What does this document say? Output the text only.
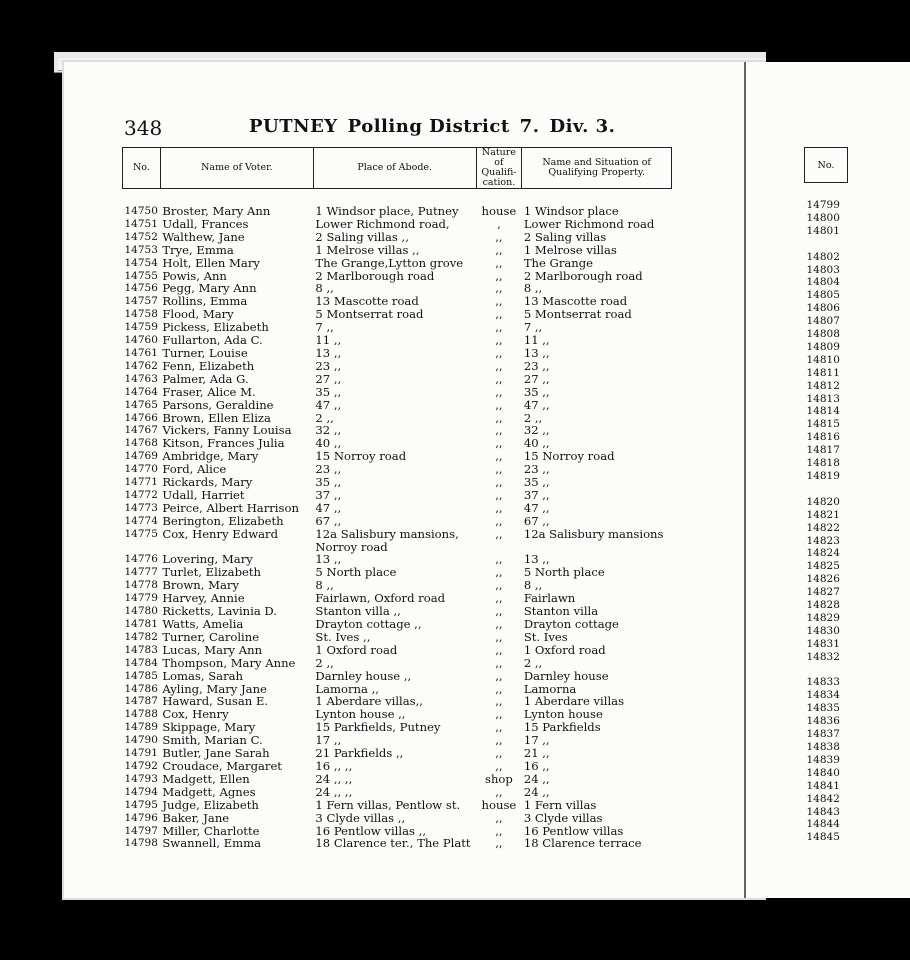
348	PUTNEY Polling District 7. Div. 3.
No.	Name of Voter.	Place of Abode.	Nature of Qualifi-cation.	Name and Situation of Qualifying Property.

14750	Broster, Mary Ann	1 Windsor place, Putney	house	1 Windsor place
14751	Udall, Frances	Lower Richmond road,	,	Lower Richmond road
14752	Walthew, Jane	2 Saling villas ,,	,,	2 Saling villas
14753	Trye, Emma	1 Melrose villas ,,	,,	1 Melrose villas
14754	Holt, Ellen Mary	The Grange,Lytton grove	,,	The Grange
14755	Powis, Ann	2 Marlborough road	,,	2 Marlborough road
14756	Pegg, Mary Ann	8 ,,	,,	8 ,,
14757	Rollins, Emma	13 Mascotte road	,,	13 Mascotte road
14758	Flood, Mary	5 Montserrat road	,,	5 Montserrat road
14759	Pickess, Elizabeth	7 ,,	,,	7 ,,
14760	Fullarton, Ada C.	11 ,,	,,	11 ,,
14761	Turner, Louise	13 ,,	,,	13 ,,
14762	Fenn, Elizabeth	23 ,,	,,	23 ,,
14763	Palmer, Ada G.	27 ,,	,,	27 ,,
14764	Fraser, Alice M.	35 ,,	,,	35 ,,
14765	Parsons, Geraldine	47 ,,	,,	47 ,,
14766	Brown, Ellen Eliza	2 ,,	,,	2 ,,
14767	Vickers, Fanny Louisa	32 ,,	,,	32 ,,
14768	Kitson, Frances Julia	40 ,,	,,	40 ,,
14769	Ambridge, Mary	15 Norroy road	,,	15 Norroy road
14770	Ford, Alice	23 ,,	,,	23 ,,
14771	Rickards, Mary	35 ,,	,,	35 ,,
14772	Udall, Harriet	37 ,,	,,	37 ,,
14773	Peirce, Albert Harrison	47 ,,	,,	47 ,,
14774	Berington, Elizabeth	67 ,,	,,	67 ,,
14775	Cox, Henry Edward	12a Salisbury mansions,	,,	12a Salisbury mansions
		Norroy road		
14776	Lovering, Mary	13 ,,	,,	13 ,,
14777	Turlet, Elizabeth	5 North place	,,	5 North place
14778	Brown, Mary	8 ,,	,,	8 ,,
14779	Harvey, Annie	Fairlawn, Oxford road	,,	Fairlawn
14780	Ricketts, Lavinia D.	Stanton villa ,,	,,	Stanton villa
14781	Watts, Amelia	Drayton cottage ,,	,,	Drayton cottage
14782	Turner, Caroline	St. Ives ,,	,,	St. Ives
14783	Lucas, Mary Ann	1 Oxford road	,,	1 Oxford road
14784	Thompson, Mary Anne	2 ,,	,,	2 ,,
14785	Lomas, Sarah	Darnley house ,,	,,	Darnley house
14786	Ayling, Mary Jane	Lamorna ,,	,,	Lamorna
14787	Haward, Susan E.	1 Aberdare villas,,	,,	1 Aberdare villas
14788	Cox, Henry	Lynton house ,,	,,	Lynton house
14789	Skippage, Mary	15 Parkfields, Putney	,,	15 Parkfields
14790	Smith, Marian C.	17 ,,	,,	17 ,,
14791	Butler, Jane Sarah	21 Parkfields ,,	,,	21 ,,
14792	Croudace, Margaret	16 ,, ,,	,,	16 ,,
14793	Madgett, Ellen	24 ,, ,,	shop	24 ,,
14794	Madgett, Agnes	24 ,, ,,	,,	24 ,,
14795	Judge, Elizabeth	1 Fern villas, Pentlow st.	house	1 Fern villas
14796	Baker, Jane	3 Clyde villas ,,	,,	3 Clyde villas
14797	Miller, Charlotte	16 Pentlow villas ,,	,,	16 Pentlow villas
14798	Swannell, Emma	18 Clarence ter., The Platt	,,	18 Clarence terrace
No.

14799
14800
14801

14802
14803
14804
14805
14806
14807
14808
14809
14810
14811
14812
14813
14814
14815
14816
14817
14818
14819

14820
14821
14822
14823
14824
14825
14826
14827
14828
14829
14830
14831
14832

14833
14834
14835
14836
14837
14838
14839
14840
14841
14842
14843
14844
14845
